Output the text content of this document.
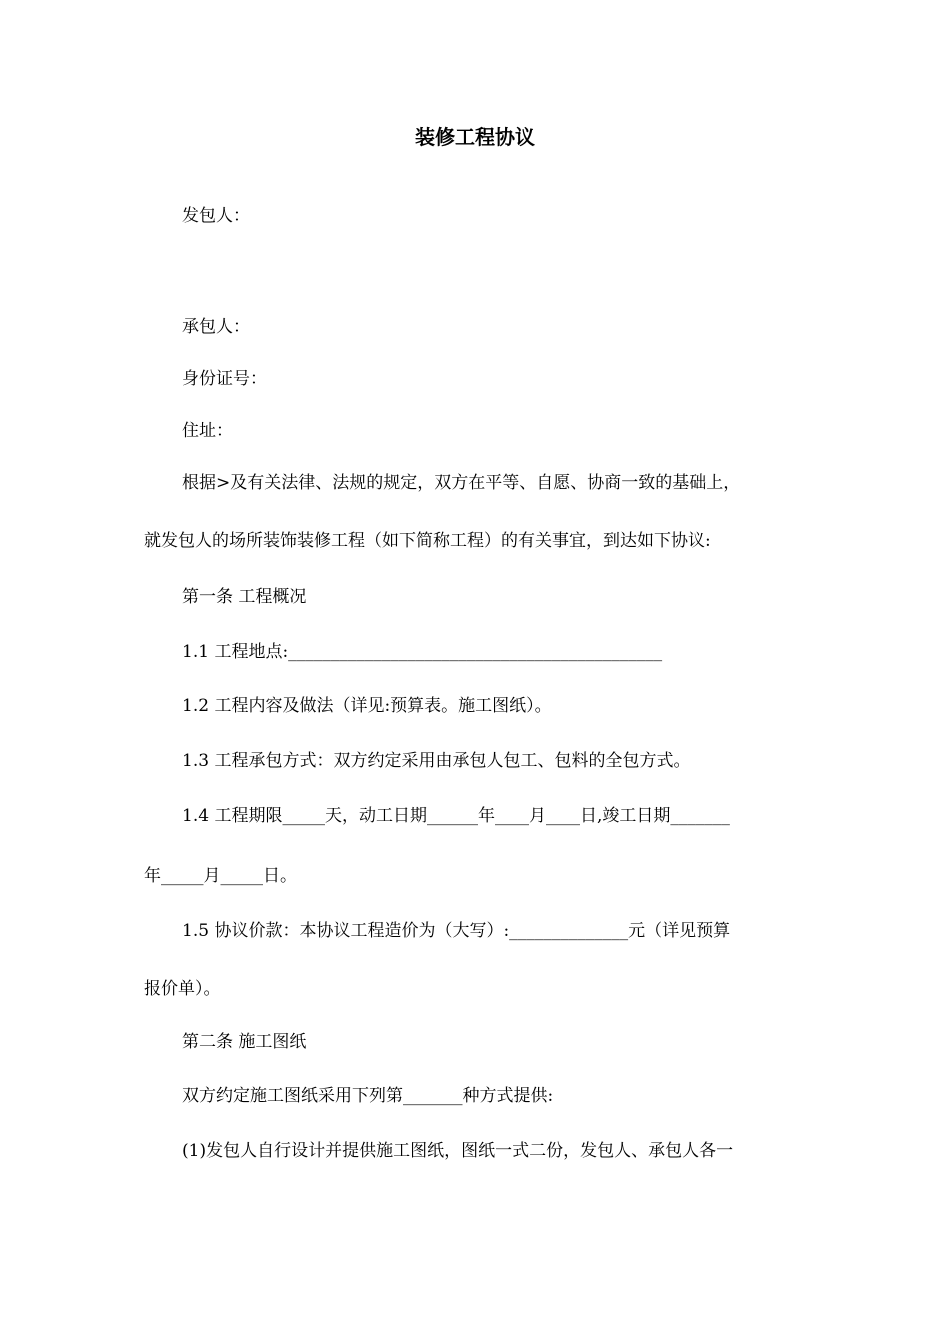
装修工程协议
发包人：
承包人：
身份证号：
住址：
根据>及有关法律、法规的规定，双方在平等、自愿、协商一致的基础上，
就发包人的场所装饰装修工程（如下简称工程）的有关事宜，到达如下协议:
第一条 工程概况
1.1 工程地点:____________________________________________
1.2 工程内容及做法（详见:预算表。施工图纸）。
1.3 工程承包方式：双方约定采用由承包人包工、包料的全包方式。
1.4 工程期限_____天，动工日期______年____月____日,竣工日期_______
年_____月_____日。
1.5 协议价款：本协议工程造价为（大写）:______________元（详见预算
报价单）。
第二条 施工图纸
双方约定施工图纸采用下列第_______种方式提供:
(1)发包人自行设计并提供施工图纸，图纸一式二份，发包人、承包人各一
